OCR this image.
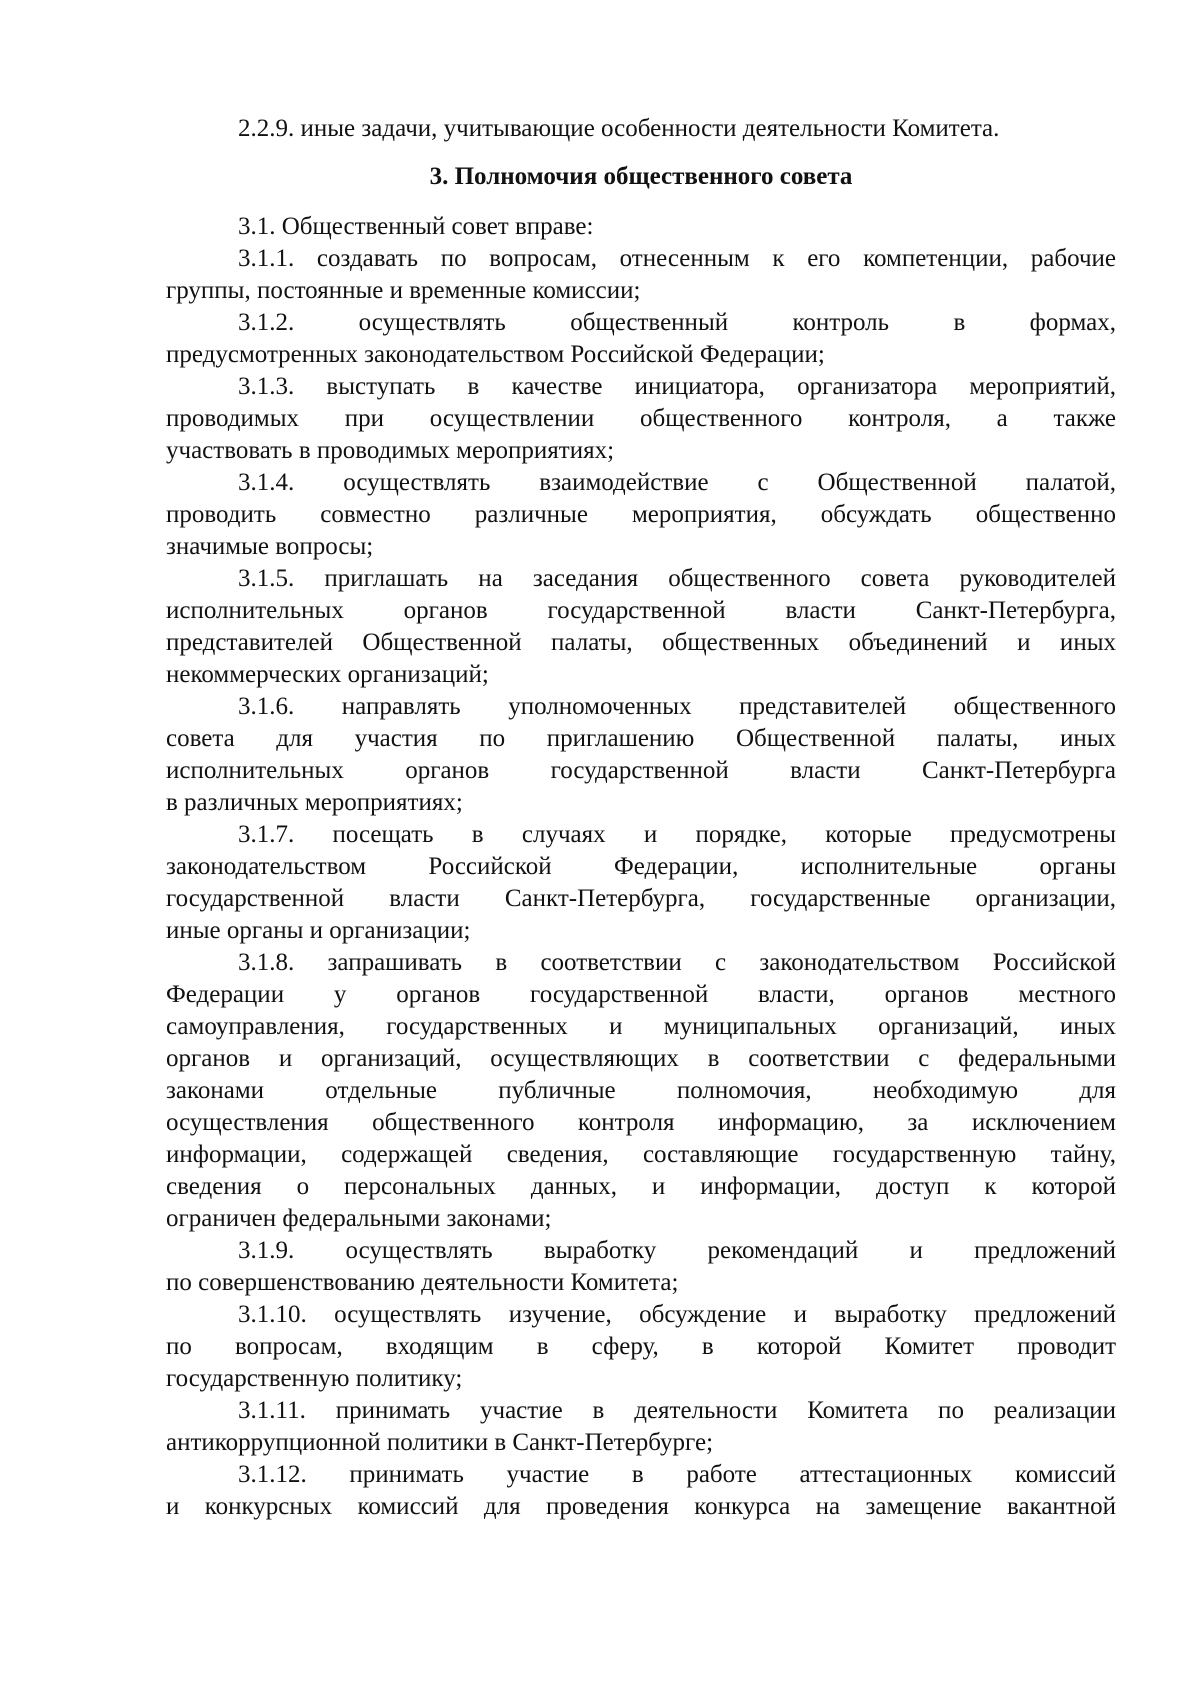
2.2.9. иные задачи, учитывающие особенности деятельности Комитета.
3. Полномочия общественного совета
3.1. Общественный совет вправе:
3.1.1. создавать по вопросам, отнесенным к его компетенции, рабочие
группы, постоянные и временные комиссии;
3.1.2. осуществлять общественный контроль в формах,
предусмотренных законодательством Российской Федерации;
3.1.3. выступать в качестве инициатора, организатора мероприятий,
проводимых при осуществлении общественного контроля, а также
участвовать в проводимых мероприятиях;
3.1.4. осуществлять взаимодействие с Общественной палатой,
проводить совместно различные мероприятия, обсуждать общественно
значимые вопросы;
3.1.5. приглашать на заседания общественного совета руководителей
исполнительных органов государственной власти Санкт-Петербурга,
представителей Общественной палаты, общественных объединений и иных
некоммерческих организаций;
3.1.6. направлять уполномоченных представителей общественного
совета для участия по приглашению Общественной палаты, иных
исполнительных органов государственной власти Санкт-Петербурга
в различных мероприятиях;
3.1.7. посещать в случаях и порядке, которые предусмотрены
законодательством Российской Федерации, исполнительные органы
государственной власти Санкт-Петербурга, государственные организации,
иные органы и организации;
3.1.8. запрашивать в соответствии с законодательством Российской
Федерации у органов государственной власти, органов местного
самоуправления, государственных и муниципальных организаций, иных
органов и организаций, осуществляющих в соответствии с федеральными
законами отдельные публичные полномочия, необходимую для
осуществления общественного контроля информацию, за исключением
информации, содержащей сведения, составляющие государственную тайну,
сведения о персональных данных, и информации, доступ к которой
ограничен федеральными законами;
3.1.9. осуществлять выработку рекомендаций и предложений
по совершенствованию деятельности Комитета;
3.1.10. осуществлять изучение, обсуждение и выработку предложений
по вопросам, входящим в сферу, в которой Комитет проводит
государственную политику;
3.1.11. принимать участие в деятельности Комитета по реализации
антикоррупционной политики в Санкт-Петербурге;
3.1.12. принимать участие в работе аттестационных комиссий
и конкурсных комиссий для проведения конкурса на замещение вакантной
